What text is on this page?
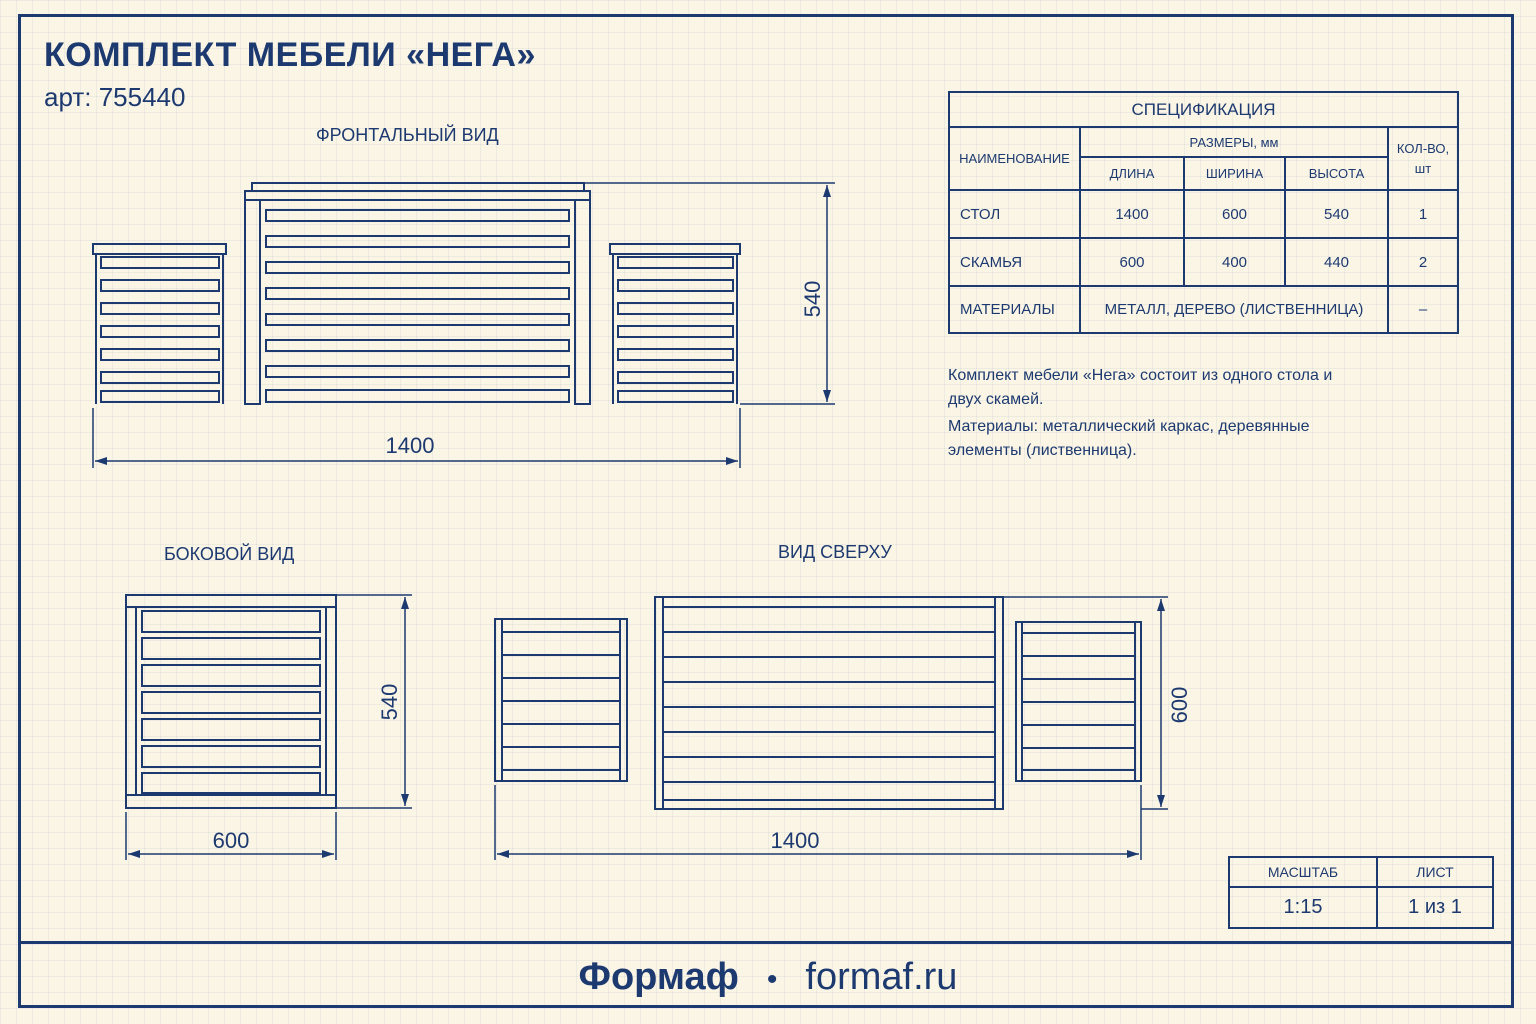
КОМПЛЕКТ МЕБЕЛИ «НЕГА»
арт: 755440
ФРОНТАЛЬНЫЙ ВИД
БОКОВОЙ ВИД	ВИД СВЕРХУ
1400
540
600
540
1400
600
СПЕЦИФИКАЦИЯ				
НАИМЕНОВАНИЕ	РАЗМЕРЫ, мм			КОЛ-ВО, шт
	ДЛИНА	ШИРИНА	ВЫСОТА	
СТОЛ	1400	600	540	1
СКАМЬЯ	600	400	440	2
МАТЕРИАЛЫ	МЕТАЛЛ, ДЕРЕВО (ЛИСТВЕННИЦА)			–

Комплект мебели «Нега» состоит из одного стола и двух скамей.

Материалы: металлический каркас, деревянные элементы (лиственница).

МАСШТАБ	ЛИСТ
1:15	1 из 1
Формаф • formaf.ru
